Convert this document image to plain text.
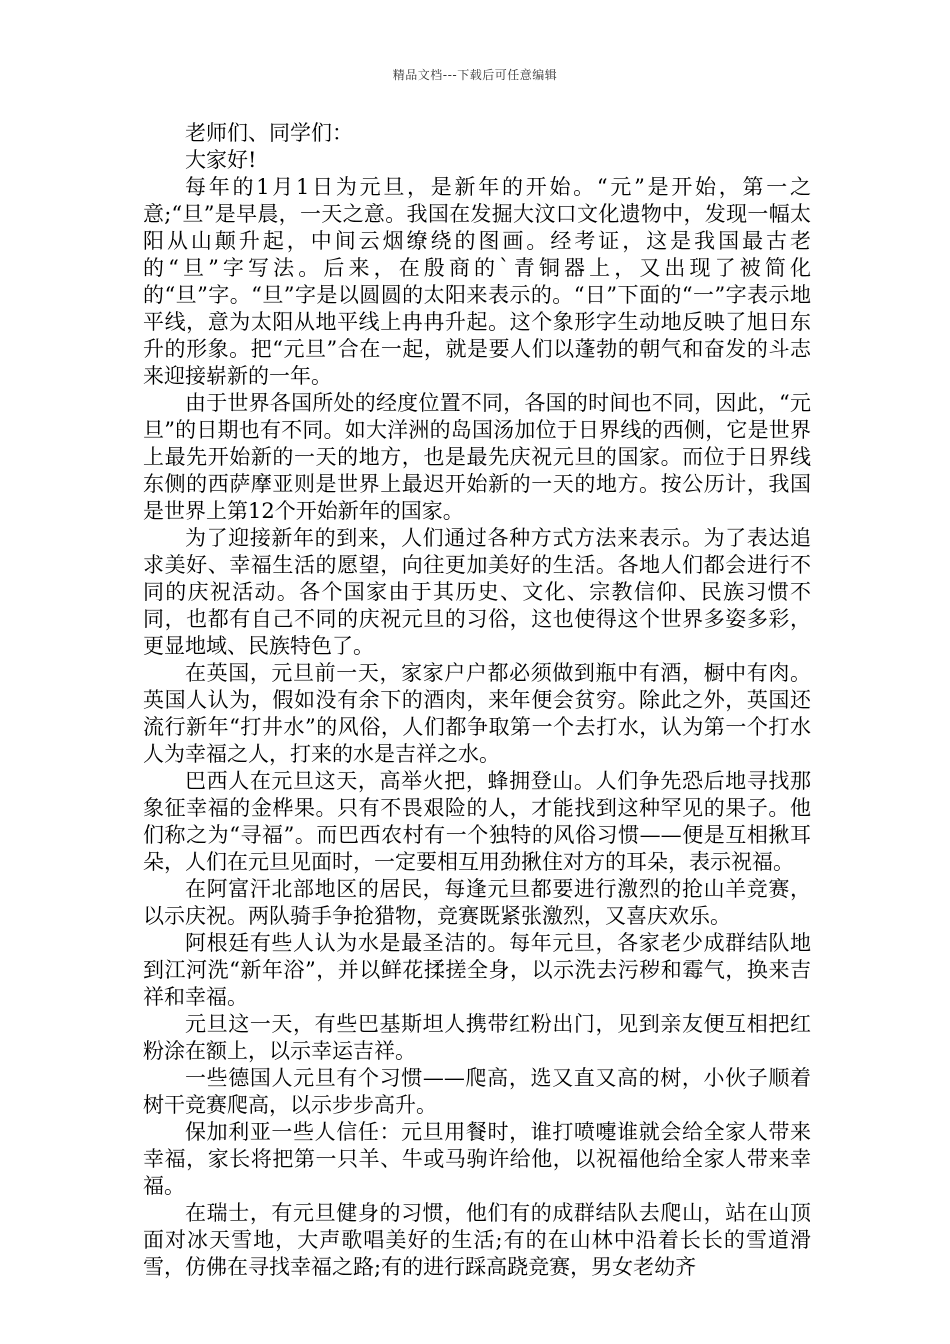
精品文档---下载后可任意编辑

老师们、同学们：

大家好!

每年的1月1日为元旦，是新年的开始。“元”是开始，第一之意;“旦”是早晨，一天之意。我国在发掘大汶口文化遗物中，发现一幅太阳从山颠升起，中间云烟缭绕的图画。经考证，这是我国最古老的“旦”字写法。后来，在殷商的`青铜器上，又出现了被简化的“旦”字。“旦”字是以圆圆的太阳来表示的。“日”下面的“一”字表示地平线，意为太阳从地平线上冉冉升起。这个象形字生动地反映了旭日东升的形象。把“元旦”合在一起，就是要人们以蓬勃的朝气和奋发的斗志来迎接崭新的一年。

由于世界各国所处的经度位置不同，各国的时间也不同，因此，“元旦”的日期也有不同。如大洋洲的岛国汤加位于日界线的西侧，它是世界上最先开始新的一天的地方，也是最先庆祝元旦的国家。而位于日界线东侧的西萨摩亚则是世界上最迟开始新的一天的地方。按公历计，我国是世界上第12个开始新年的国家。

为了迎接新年的到来，人们通过各种方式方法来表示。为了表达追求美好、幸福生活的愿望，向往更加美好的生活。各地人们都会进行不同的庆祝活动。各个国家由于其历史、文化、宗教信仰、民族习惯不同，也都有自己不同的庆祝元旦的习俗，这也使得这个世界多姿多彩，更显地域、民族特色了。

在英国，元旦前一天，家家户户都必须做到瓶中有酒，橱中有肉。英国人认为，假如没有余下的酒肉，来年便会贫穷。除此之外，英国还流行新年“打井水”的风俗，人们都争取第一个去打水，认为第一个打水人为幸福之人，打来的水是吉祥之水。

巴西人在元旦这天，高举火把，蜂拥登山。人们争先恐后地寻找那象征幸福的金桦果。只有不畏艰险的人，才能找到这种罕见的果子。他们称之为“寻福”。而巴西农村有一个独特的风俗习惯——便是互相揪耳朵，人们在元旦见面时，一定要相互用劲揪住对方的耳朵，表示祝福。

在阿富汗北部地区的居民，每逢元旦都要进行激烈的抢山羊竞赛，以示庆祝。两队骑手争抢猎物，竞赛既紧张激烈，又喜庆欢乐。

阿根廷有些人认为水是最圣洁的。每年元旦，各家老少成群结队地到江河洗“新年浴”，并以鲜花揉搓全身，以示洗去污秽和霉气，换来吉祥和幸福。

元旦这一天，有些巴基斯坦人携带红粉出门，见到亲友便互相把红粉涂在额上，以示幸运吉祥。

一些德国人元旦有个习惯——爬高，选又直又高的树，小伙子顺着树干竞赛爬高，以示步步高升。

保加利亚一些人信任：元旦用餐时，谁打喷嚏谁就会给全家人带来幸福，家长将把第一只羊、牛或马驹许给他，以祝福他给全家人带来幸福。

在瑞士，有元旦健身的习惯，他们有的成群结队去爬山，站在山顶面对冰天雪地，大声歌唱美好的生活;有的在山林中沿着长长的雪道滑雪，仿佛在寻找幸福之路;有的进行踩高跷竞赛，男女老幼齐
